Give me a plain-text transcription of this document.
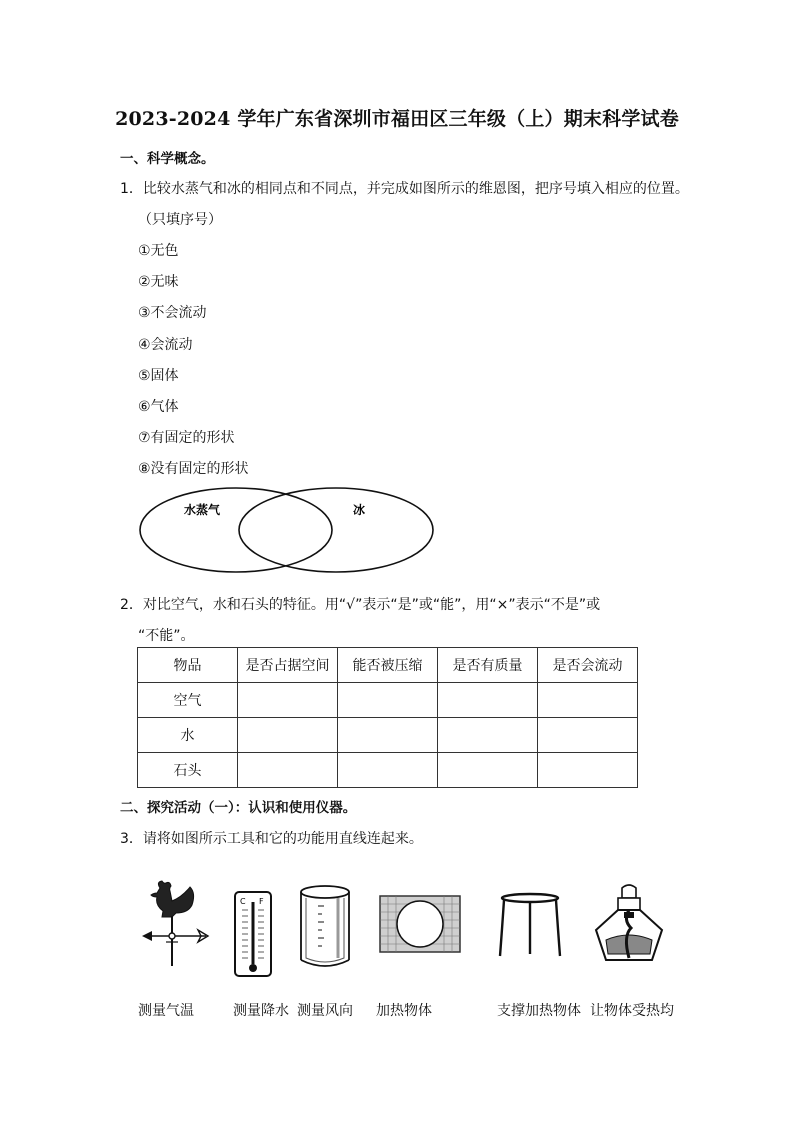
2023-2024 学年广东省深圳市福田区三年级（上）期末科学试卷
一、科学概念。
1．比较水蒸气和冰的相同点和不同点，并完成如图所示的维恩图，把序号填入相应的位置。
（只填序号）
①无色
②无味
③不会流动
④会流动
⑤固体
⑥气体
⑦有固定的形状
⑧没有固定的形状
水蒸气	冰
2．对比空气，水和石头的特征。用“√”表示“是”或“能”，用“×”表示“不是”或
“不能”。
物品	是否占据空间	能否被压缩	是否有质量	是否会流动
空气				
水				
石头				
二、探究活动（一）：认识和使用仪器。
3．请将如图所示工具和它的功能用直线连起来。
C F
测量气温	测量降水 测量风向 加热物体	支撑加热物体 让物体受热均
